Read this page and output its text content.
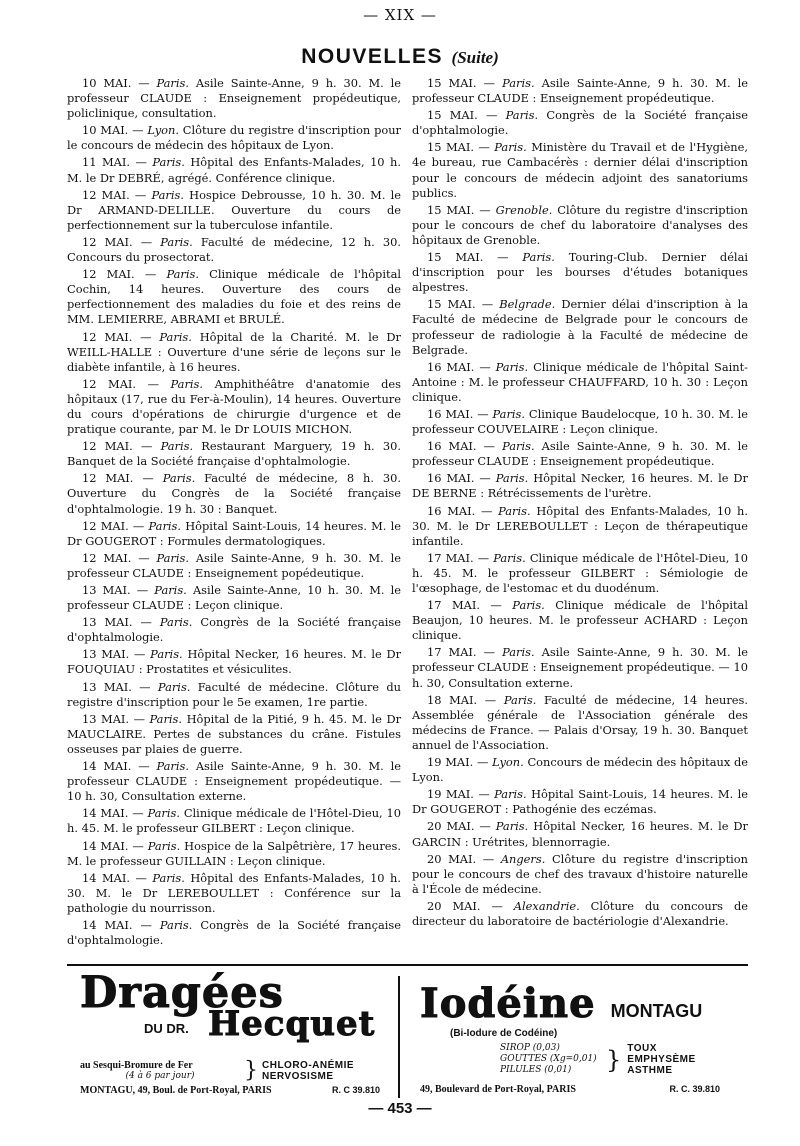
— XIX —
NOUVELLES (Suite)

10 MAI. — Paris. Asile Sainte-Anne, 9 h. 30. M. le professeur CLAUDE : Enseignement propédeutique, policlinique, consultation.

10 MAI. — Lyon. Clôture du registre d'inscription pour le concours de médecin des hôpitaux de Lyon.

11 MAI. — Paris. Hôpital des Enfants-Malades, 10 h. M. le Dr DEBRÉ, agrégé. Conférence clinique.

12 MAI. — Paris. Hospice Debrousse, 10 h. 30. M. le Dr ARMAND-DELILLE. Ouverture du cours de perfectionnement sur la tuberculose infantile.

12 MAI. — Paris. Faculté de médecine, 12 h. 30. Concours du prosectorat.

12 MAI. — Paris. Clinique médicale de l'hôpital Cochin, 14 heures. Ouverture des cours de perfectionnement des maladies du foie et des reins de MM. LEMIERRE, ABRAMI et BRULÉ.

12 MAI. — Paris. Hôpital de la Charité. M. le Dr WEILL-HALLE : Ouverture d'une série de leçons sur le diabète infantile, à 16 heures.

12 MAI. — Paris. Amphithéâtre d'anatomie des hôpitaux (17, rue du Fer-à-Moulin), 14 heures. Ouverture du cours d'opérations de chirurgie d'urgence et de pratique courante, par M. le Dr LOUIS MICHON.

12 MAI. — Paris. Restaurant Marguery, 19 h. 30. Banquet de la Société française d'ophtalmologie.

12 MAI. — Paris. Faculté de médecine, 8 h. 30. Ouverture du Congrès de la Société française d'ophtalmologie. 19 h. 30 : Banquet.

12 MAI. — Paris. Hôpital Saint-Louis, 14 heures. M. le Dr GOUGEROT : Formules dermatologiques.

12 MAI. — Paris. Asile Sainte-Anne, 9 h. 30. M. le professeur CLAUDE : Enseignement popédeutique.

13 MAI. — Paris. Asile Sainte-Anne, 10 h. 30. M. le professeur CLAUDE : Leçon clinique.

13 MAI. — Paris. Congrès de la Société française d'ophtalmologie.

13 MAI. — Paris. Hôpital Necker, 16 heures. M. le Dr FOUQUIAU : Prostatites et vésiculites.

13 MAI. — Paris. Faculté de médecine. Clôture du registre d'inscription pour le 5e examen, 1re partie.

13 MAI. — Paris. Hôpital de la Pitié, 9 h. 45. M. le Dr MAUCLAIRE. Pertes de substances du crâne. Fistules osseuses par plaies de guerre.

14 MAI. — Paris. Asile Sainte-Anne, 9 h. 30. M. le professeur CLAUDE : Enseignement propédeutique. — 10 h. 30, Consultation externe.

14 MAI. — Paris. Clinique médicale de l'Hôtel-Dieu, 10 h. 45. M. le professeur GILBERT : Leçon clinique.

14 MAI. — Paris. Hospice de la Salpêtrière, 17 heures. M. le professeur GUILLAIN : Leçon clinique.

14 MAI. — Paris. Hôpital des Enfants-Malades, 10 h. 30. M. le Dr LEREBOULLET : Conférence sur la pathologie du nourrisson.

14 MAI. — Paris. Congrès de la Société française d'ophtalmologie.

15 MAI. — Paris. Asile Sainte-Anne, 9 h. 30. M. le professeur CLAUDE : Enseignement propédeutique.

15 MAI. — Paris. Congrès de la Société française d'ophtalmologie.

15 MAI. — Paris. Ministère du Travail et de l'Hygiène, 4e bureau, rue Cambacérès : dernier délai d'inscription pour le concours de médecin adjoint des sanatoriums publics.

15 MAI. — Grenoble. Clôture du registre d'inscription pour le concours de chef du laboratoire d'analyses des hôpitaux de Grenoble.

15 MAI. — Paris. Touring-Club. Dernier délai d'inscription pour les bourses d'études botaniques alpestres.

15 MAI. — Belgrade. Dernier délai d'inscription à la Faculté de médecine de Belgrade pour le concours de professeur de radiologie à la Faculté de médecine de Belgrade.

16 MAI. — Paris. Clinique médicale de l'hôpital Saint-Antoine : M. le professeur CHAUFFARD, 10 h. 30 : Leçon clinique.

16 MAI. — Paris. Clinique Baudelocque, 10 h. 30. M. le professeur COUVELAIRE : Leçon clinique.

16 MAI. — Paris. Asile Sainte-Anne, 9 h. 30. M. le professeur CLAUDE : Enseignement propédeutique.

16 MAI. — Paris. Hôpital Necker, 16 heures. M. le Dr DE BERNE : Rétrécissements de l'urètre.

16 MAI. — Paris. Hôpital des Enfants-Malades, 10 h. 30. M. le Dr LEREBOULLET : Leçon de thérapeutique infantile.

17 MAI. — Paris. Clinique médicale de l'Hôtel-Dieu, 10 h. 45. M. le professeur GILBERT : Sémiologie de l'œsophage, de l'estomac et du duodénum.

17 MAI. — Paris. Clinique médicale de l'hôpital Beaujon, 10 heures. M. le professeur ACHARD : Leçon clinique.

17 MAI. — Paris. Asile Sainte-Anne, 9 h. 30. M. le professeur CLAUDE : Enseignement propédeutique. — 10 h. 30, Consultation externe.

18 MAI. — Paris. Faculté de médecine, 14 heures. Assemblée générale de l'Association générale des médecins de France. — Palais d'Orsay, 19 h. 30. Banquet annuel de l'Association.

19 MAI. — Lyon. Concours de médecin des hôpitaux de Lyon.

19 MAI. — Paris. Hôpital Saint-Louis, 14 heures. M. le Dr GOUGEROT : Pathogénie des eczémas.

20 MAI. — Paris. Hôpital Necker, 16 heures. M. le Dr GARCIN : Urétrites, blennorragie.

20 MAI. — Angers. Clôture du registre d'inscription pour le concours de chef des travaux d'histoire naturelle à l'École de médecine.

20 MAI. — Alexandrie. Clôture du concours de directeur du laboratoire de bactériologie d'Alexandrie.

Dragées
DU DR. Hecquet
au Sesqui-Bromure de Fer
(4 à 6 par jour)	} CHLORO-ANÉMIE NERVOSISME
MONTAGU, 49, Boul. de Port-Royal, PARIS	R. C 39.810
Iodéine MONTAGU
(Bi-Iodure de Codéine)
SIROP (0,03) GOUTTES (Xg=0,01) PILULES (0,01)	} TOUX EMPHYSÈME ASTHME
49, Boulevard de Port-Royal, PARIS	R. C. 39.810
— 453 —
